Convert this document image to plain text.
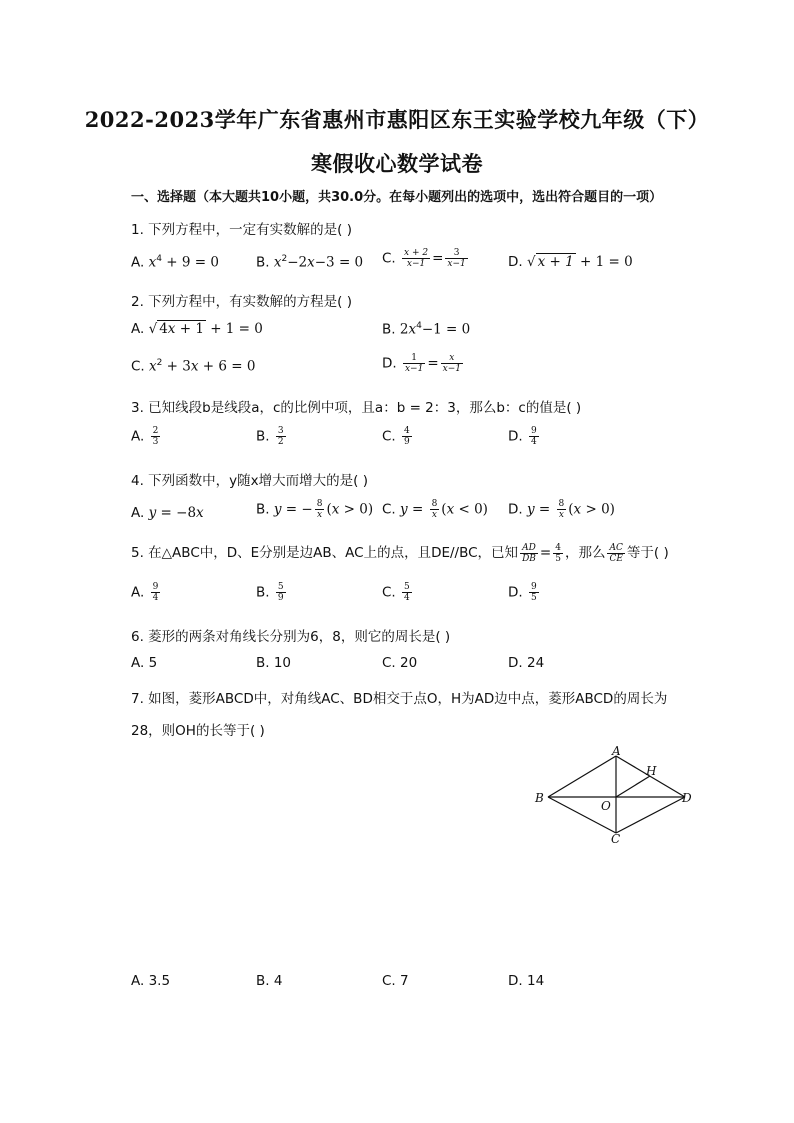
2022-2023学年广东省惠州市惠阳区东王实验学校九年级（下）
寒假收心数学试卷
一、选择题（本大题共10小题，共30.0分。在每小题列出的选项中，选出符合题目的一项）
1. 下列方程中，一定有实数解的是( )
A. $x^4 + 9 = 0$	B. $x^2-2x-3 = 0$ C. $\frac{x + 2}{x-1} = \frac{3}{x-1}$	D. √ x + 1 + 1 = 0
2. 下列方程中，有实数解的方程是( )
A. √ 4x + 1 + 1 = 0	B. $2x^4-1 = 0$
C. $x^2 + 3x + 6 = 0$	D. $\frac{1}{x-1} = \frac{x}{x-1}$
3. 已知线段b是线段a，c的比例中项，且a：b = 2：3，那么b：c的值是( )
A. $\frac{2}{3}$	B. $\frac{3}{2}$	C. $\frac{4}{9}$	D. $\frac{9}{4}$
4. 下列函数中，y随x增大而增大的是( )
A. y = −8x	B. y = − $\frac{8}{x} (x > 0)$ C. $y = \frac{8}{x} (x < 0)$ D. $y = \frac{8}{x} (x > 0)$
5. 在△ABC中，D、E分别是边AB、AC上的点，且DE//BC，已知 $\frac{AD}{DB} = \frac{4}{5}$ ，那么 $\frac{AC}{CE}$ 等于( )
A. $\frac{9}{4}$	B. $\frac{5}{9}$	C. $\frac{5}{4}$	D. $\frac{9}{5}$
6. 菱形的两条对角线长分别为6，8，则它的周长是( )
A. 5	B. 10	C. 20	D. 24
7. 如图，菱形ABCD中，对角线AC、BD相交于点O，H为AD边中点，菱形ABCD的周长为
28，则OH的长等于( )
A
B
C
D
O
H
A. 3.5	B. 4	C. 7	D. 14
